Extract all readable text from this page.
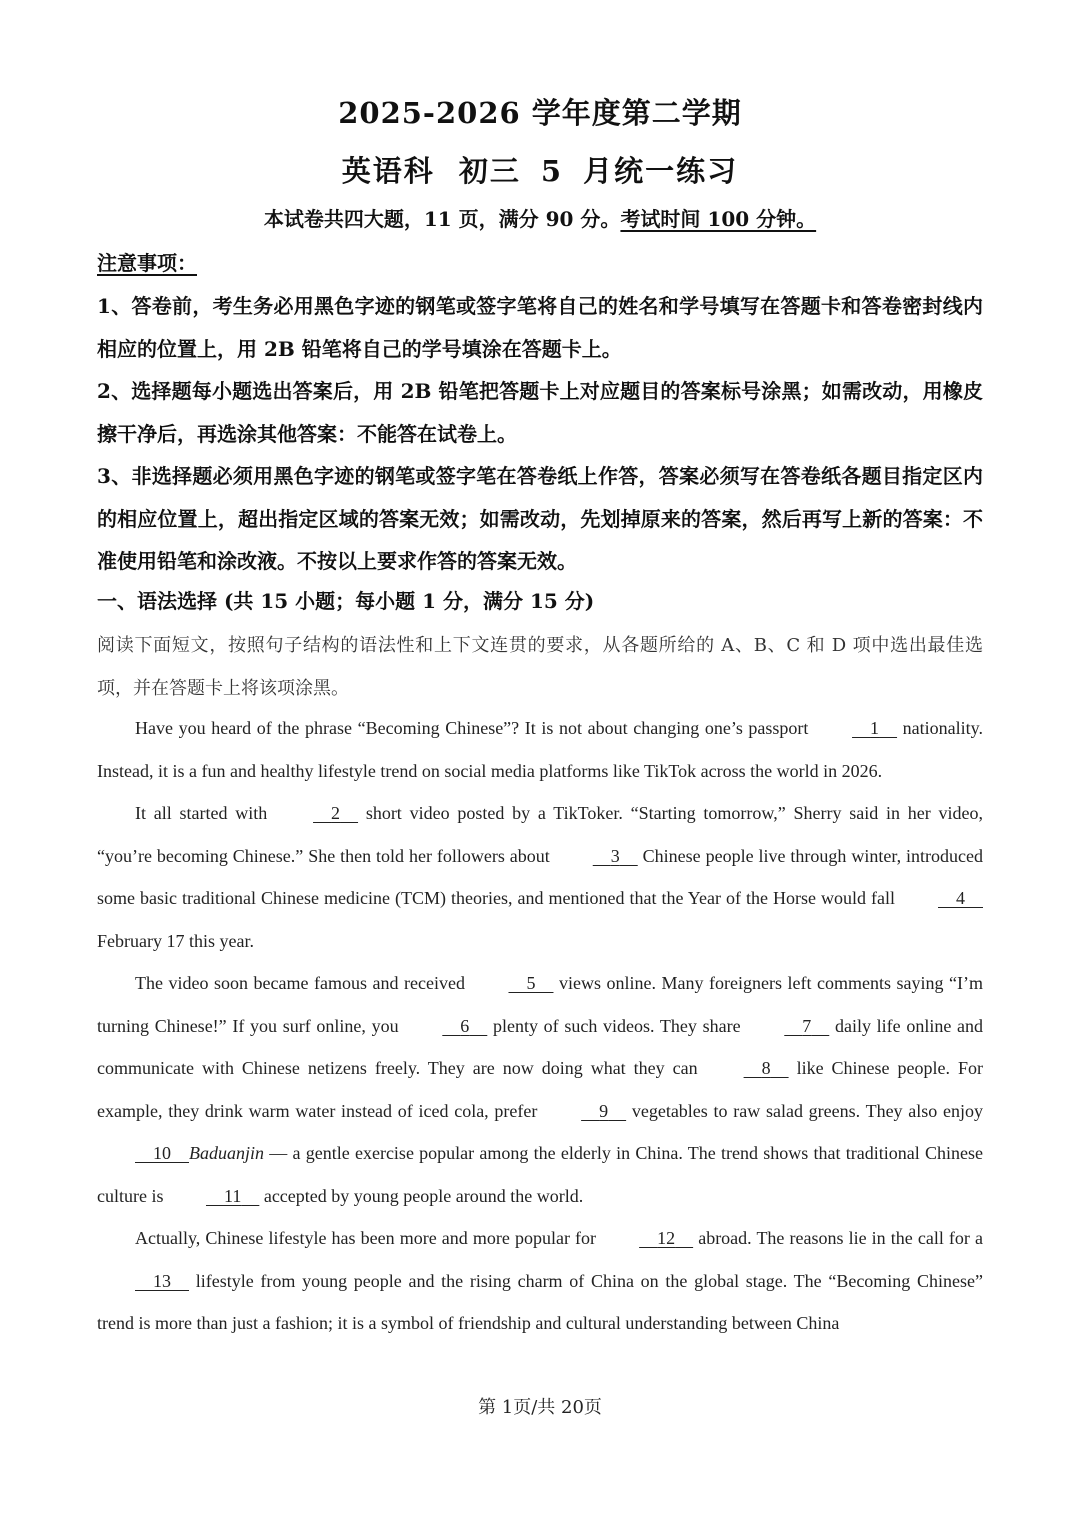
2025-2026 学年度第二学期
英语科 初三 5 月统一练习
本试卷共四大题，11 页，满分 90 分。考试时间 100 分钟。
注意事项：

1、答卷前，考生务必用黑色字迹的钢笔或签字笔将自己的姓名和学号填写在答题卡和答卷密封线内相应的位置上，用 2B 铅笔将自己的学号填涂在答题卡上。

2、选择题每小题选出答案后，用 2B 铅笔把答题卡上对应题目的答案标号涂黑；如需改动，用橡皮擦干净后，再选涂其他答案：不能答在试卷上。

3、非选择题必须用黑色字迹的钢笔或签字笔在答卷纸上作答，答案必须写在答卷纸各题目指定区内的相应位置上，超出指定区域的答案无效；如需改动，先划掉原来的答案，然后再写上新的答案：不准使用铅笔和涂改液。不按以上要求作答的答案无效。

一、语法选择 (共 15 小题；每小题 1 分，满分 15 分)
阅读下面短文，按照句子结构的语法性和上下文连贯的要求，从各题所给的 A、B、C 和 D 项中选出最佳选项，并在答题卡上将该项涂黑。

Have you heard of the phrase “Becoming Chinese”? It is not about changing one’s passport	1     nationality. Instead, it is a fun and healthy lifestyle trend on social media platforms like TikTok across the world in 2026.

It all started with	2     short video posted by a TikToker. “Starting tomorrow,” Sherry said in her video, “you’re becoming Chinese.” She then told her followers about	3     Chinese people live through winter, introduced some basic traditional Chinese medicine (TCM) theories, and mentioned that the Year of the Horse would fall	4     February 17 this year.

The video soon became famous and received	5     views online. Many foreigners left comments saying “I’m turning Chinese!” If you surf online, you	6     plenty of such videos. They share	7     daily life online and communicate with Chinese netizens freely. They are now doing what they can	8     like Chinese people. For example, they drink warm water instead of iced cola, prefer	9     vegetables to raw salad greens. They also enjoy     10 Baduanjin — a gentle exercise popular among the elderly in China. The trend shows that traditional Chinese culture is	11     accepted by young people around the world.

Actually, Chinese lifestyle has been more and more popular for	12     abroad. The reasons lie in the call for a     13     lifestyle from young people and the rising charm of China on the global stage. The “Becoming Chinese” trend is more than just a fashion; it is a symbol of friendship and cultural understanding between China

第 1页/共 20页
